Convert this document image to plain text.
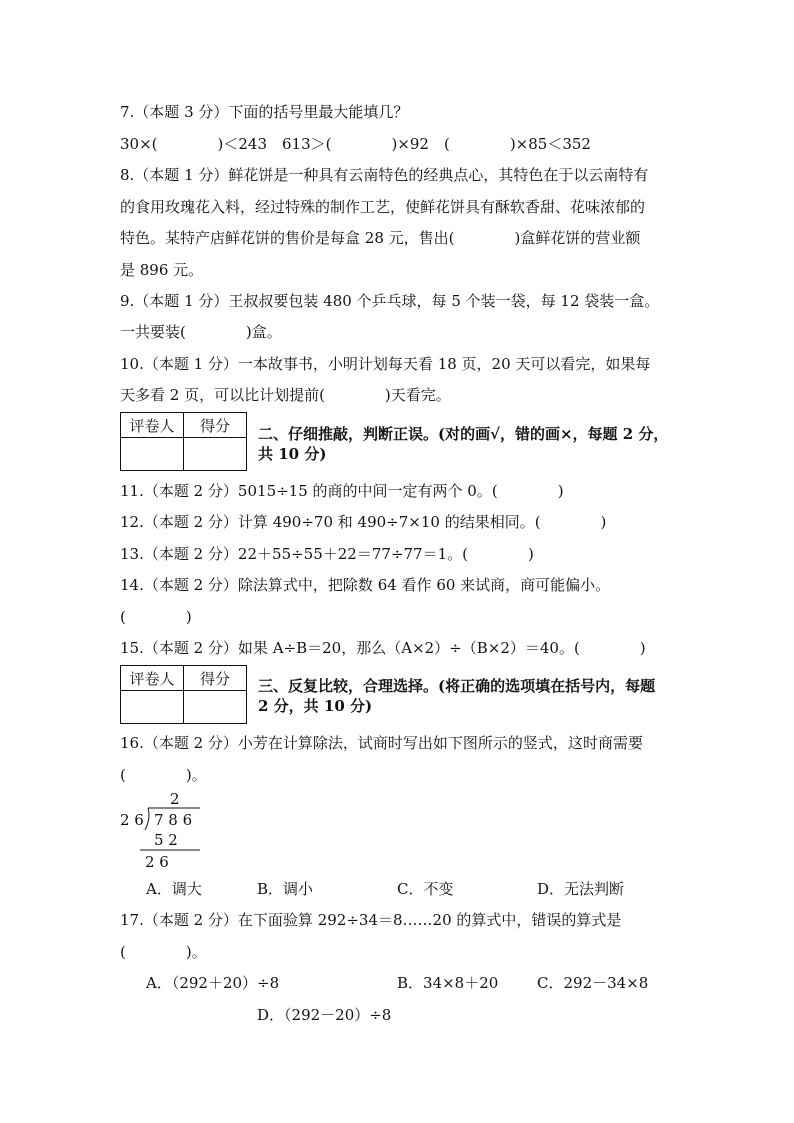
7.（本题 3 分）下面的括号里最大能填几？
30×(　　　　)＜243　613＞(　　　　)×92　(　　　　)×85＜352
8.（本题 1 分）鲜花饼是一种具有云南特色的经典点心，其特色在于以云南特有
的食用玫瑰花入料，经过特殊的制作工艺，使鲜花饼具有酥软香甜、花味浓郁的
特色。某特产店鲜花饼的售价是每盒 28 元，售出(　　　　)盒鲜花饼的营业额
是 896 元。
9.（本题 1 分）王叔叔要包装 480 个乒乓球，每 5 个装一袋，每 12 袋装一盒。
一共要装(　　　　)盒。
10.（本题 1 分）一本故事书，小明计划每天看 18 页，20 天可以看完，如果每
天多看 2 页，可以比计划提前(　　　　)天看完。
评卷人	得分
	二、仔细推敲，判断正误。(对的画√，错的画×，每题 2 分，
共 10 分)
11.（本题 2 分）5015÷15 的商的中间一定有两个 0。(　　　　)
12.（本题 2 分）计算 490÷70 和 490÷7×10 的结果相同。(　　　　)
13.（本题 2 分）22＋55÷55＋22＝77÷77＝1。(　　　　)
14.（本题 2 分）除法算式中，把除数 64 看作 60 来试商，商可能偏小。
(　　　　)
15.（本题 2 分）如果 A÷B＝20，那么（A×2）÷（B×2）＝40。(　　　　)
评卷人	得分
	三、反复比较，合理选择。(将正确的选项填在括号内，每题
2 分，共 10 分)
16.（本题 2 分）小芳在计算除法，试商时写出如下图所示的竖式，这时商需要
(　　　　)。
2
2 6 7 8 6
5 2
2 6
A．调大	B．调小	C．不变	D．无法判断
17.（本题 2 分）在下面验算 292÷34＝8……20 的算式中，错误的算式是
(　　　　)。
A．（292＋20）÷8	B．34×8＋20	C．292－34×8
D．（292－20）÷8
